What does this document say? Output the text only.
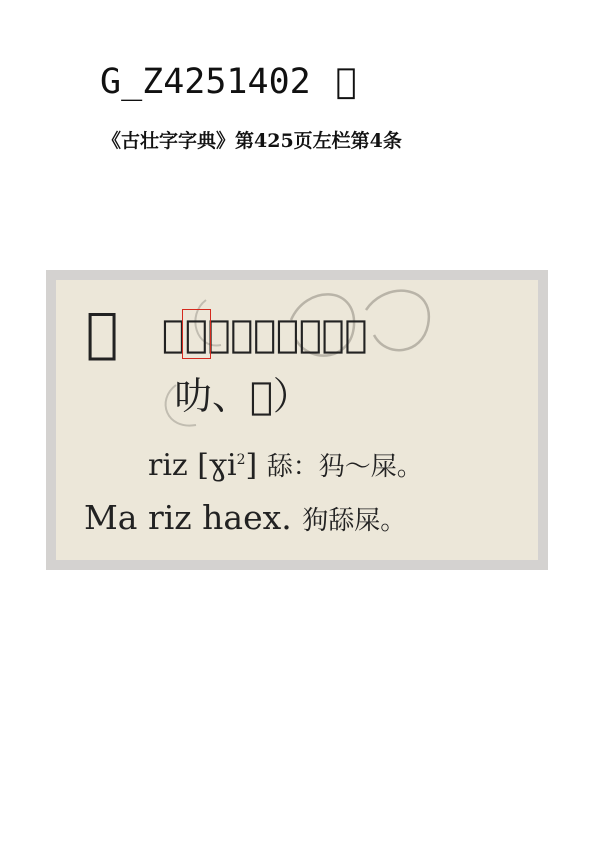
G_Z4251402 𬹿
《古壮字字典》第425页左栏第4条
𫞿 （𬹿、如、嚀、𩚺、
叻、𦧨）
riz [ɣi$^2$] 舔：犸～屎。
Ma riz haex. 狗舔屎。
